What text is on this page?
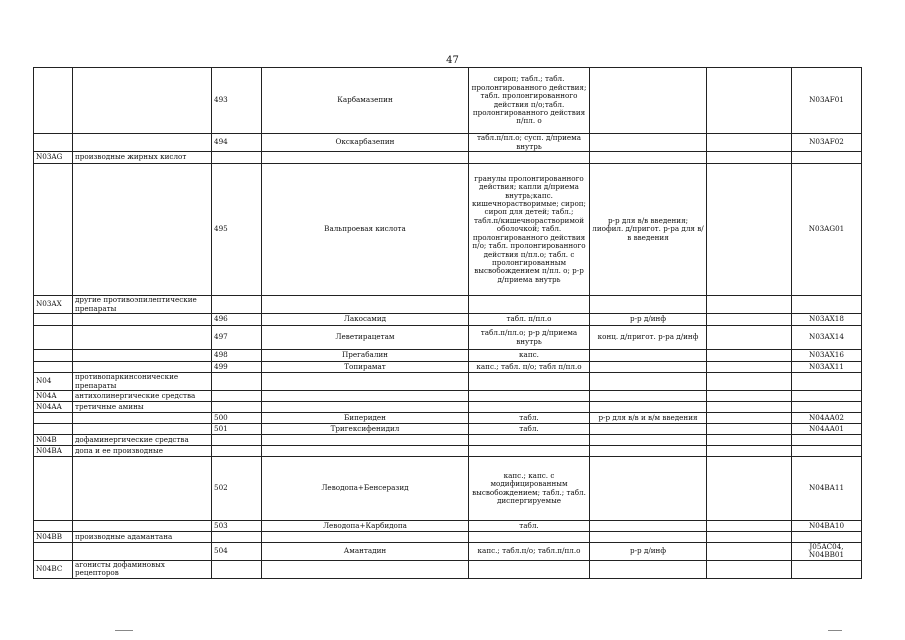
47
		493	Карбамазепин	сироп; табл.; табл. пролонгированного действия; табл. пролонгированного действия п/о;табл. пролонгированного действия п/пл. о			N03AF01
		494	Окскарбазепин	табл.п/пл.о; сусп. д/приема внутрь			N03AF02
N03AG	производные жирных кислот						
		495	Вальпроевая кислота	гранулы пролонгированного действия; капли д/приема внутрь;капс. кишечнорастворимые; сироп; сироп для детей; табл.; табл.п/кишечнорастворимой оболочкой; табл. пролонгированного действия п/о; табл. пролонгированного действия п/пл.о; табл. с пролонгированным высвобождением п/пл. о; р-р д/приема внутрь	р-р для в/в введения; лиофил. д/пригот. р-ра для в/в введения		N03AG01
N03AX	другие противоэпилептические препараты						
		496	Лакосамид	табл. п/пл.о	р-р д/инф		N03AX18
		497	Леветирацетам	табл.п/пл.о; р-р д/приема внутрь	конц. д/пригот. р-ра д/инф		N03AX14
		498	Прегабалин	капс.			N03AX16
		499	Топирамат	капс.; табл. п/о; табл п/пл.о			N03AX11
N04	противопаркинсонические препараты						
N04A	антихолинергические средства						
N04AA	третичные амины						
		500	Бипериден	табл.	р-р для в/в и в/м введения		N04AA02
		501	Тригексифенидил	табл.			N04AA01
N04B	дофаминергические средства						
N04BA	допа и ее производные						
		502	Леводопа+Бенсеразид	капс.; капс. с модифицированным высвобождением; табл.; табл. диспергируемые			N04BA11
		503	Леводопа+Карбидопа	табл.			N04BA10
N04BB	производные адамантана						
		504	Амантадин	капс.; табл.п/о; табл.п/пл.о	р-р д/инф		J05AC04, N04BB01
N04BC	агонисты дофаминовых рецепторов						
